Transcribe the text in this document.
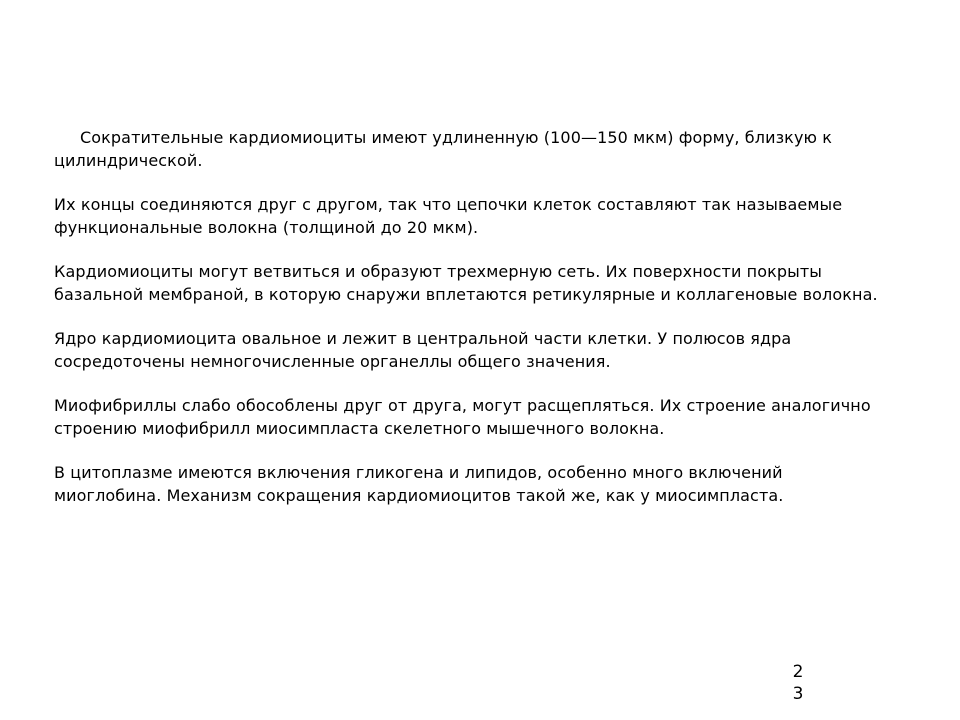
Сократительные кардиомиоциты имеют удлиненную (100—150 мкм) форму, близкую к цилиндрической.

Их концы соединяются друг с другом, так что цепочки клеток составляют так называемые функциональные волокна (толщиной до 20 мкм).

Кардиомиоциты могут ветвиться и образуют трехмерную сеть. Их поверхности покрыты базальной мембраной, в которую снаружи вплетаются ретикулярные и коллагеновые волокна.

Ядро кардиомиоцита овальное и лежит в центральной части клетки. У полюсов ядра сосредоточены немногочисленные органеллы общего значения.

Миофибриллы слабо обособлены друг от друга, могут расщепляться. Их строение аналогично строению миофибрилл миосимпласта скелетного мышечного волокна.

В цитоплазме имеются включения гликогена и липидов, особенно много включений миоглобина. Механизм сокращения кардиомиоцитов такой же, как у миосимпласта.

2
3
